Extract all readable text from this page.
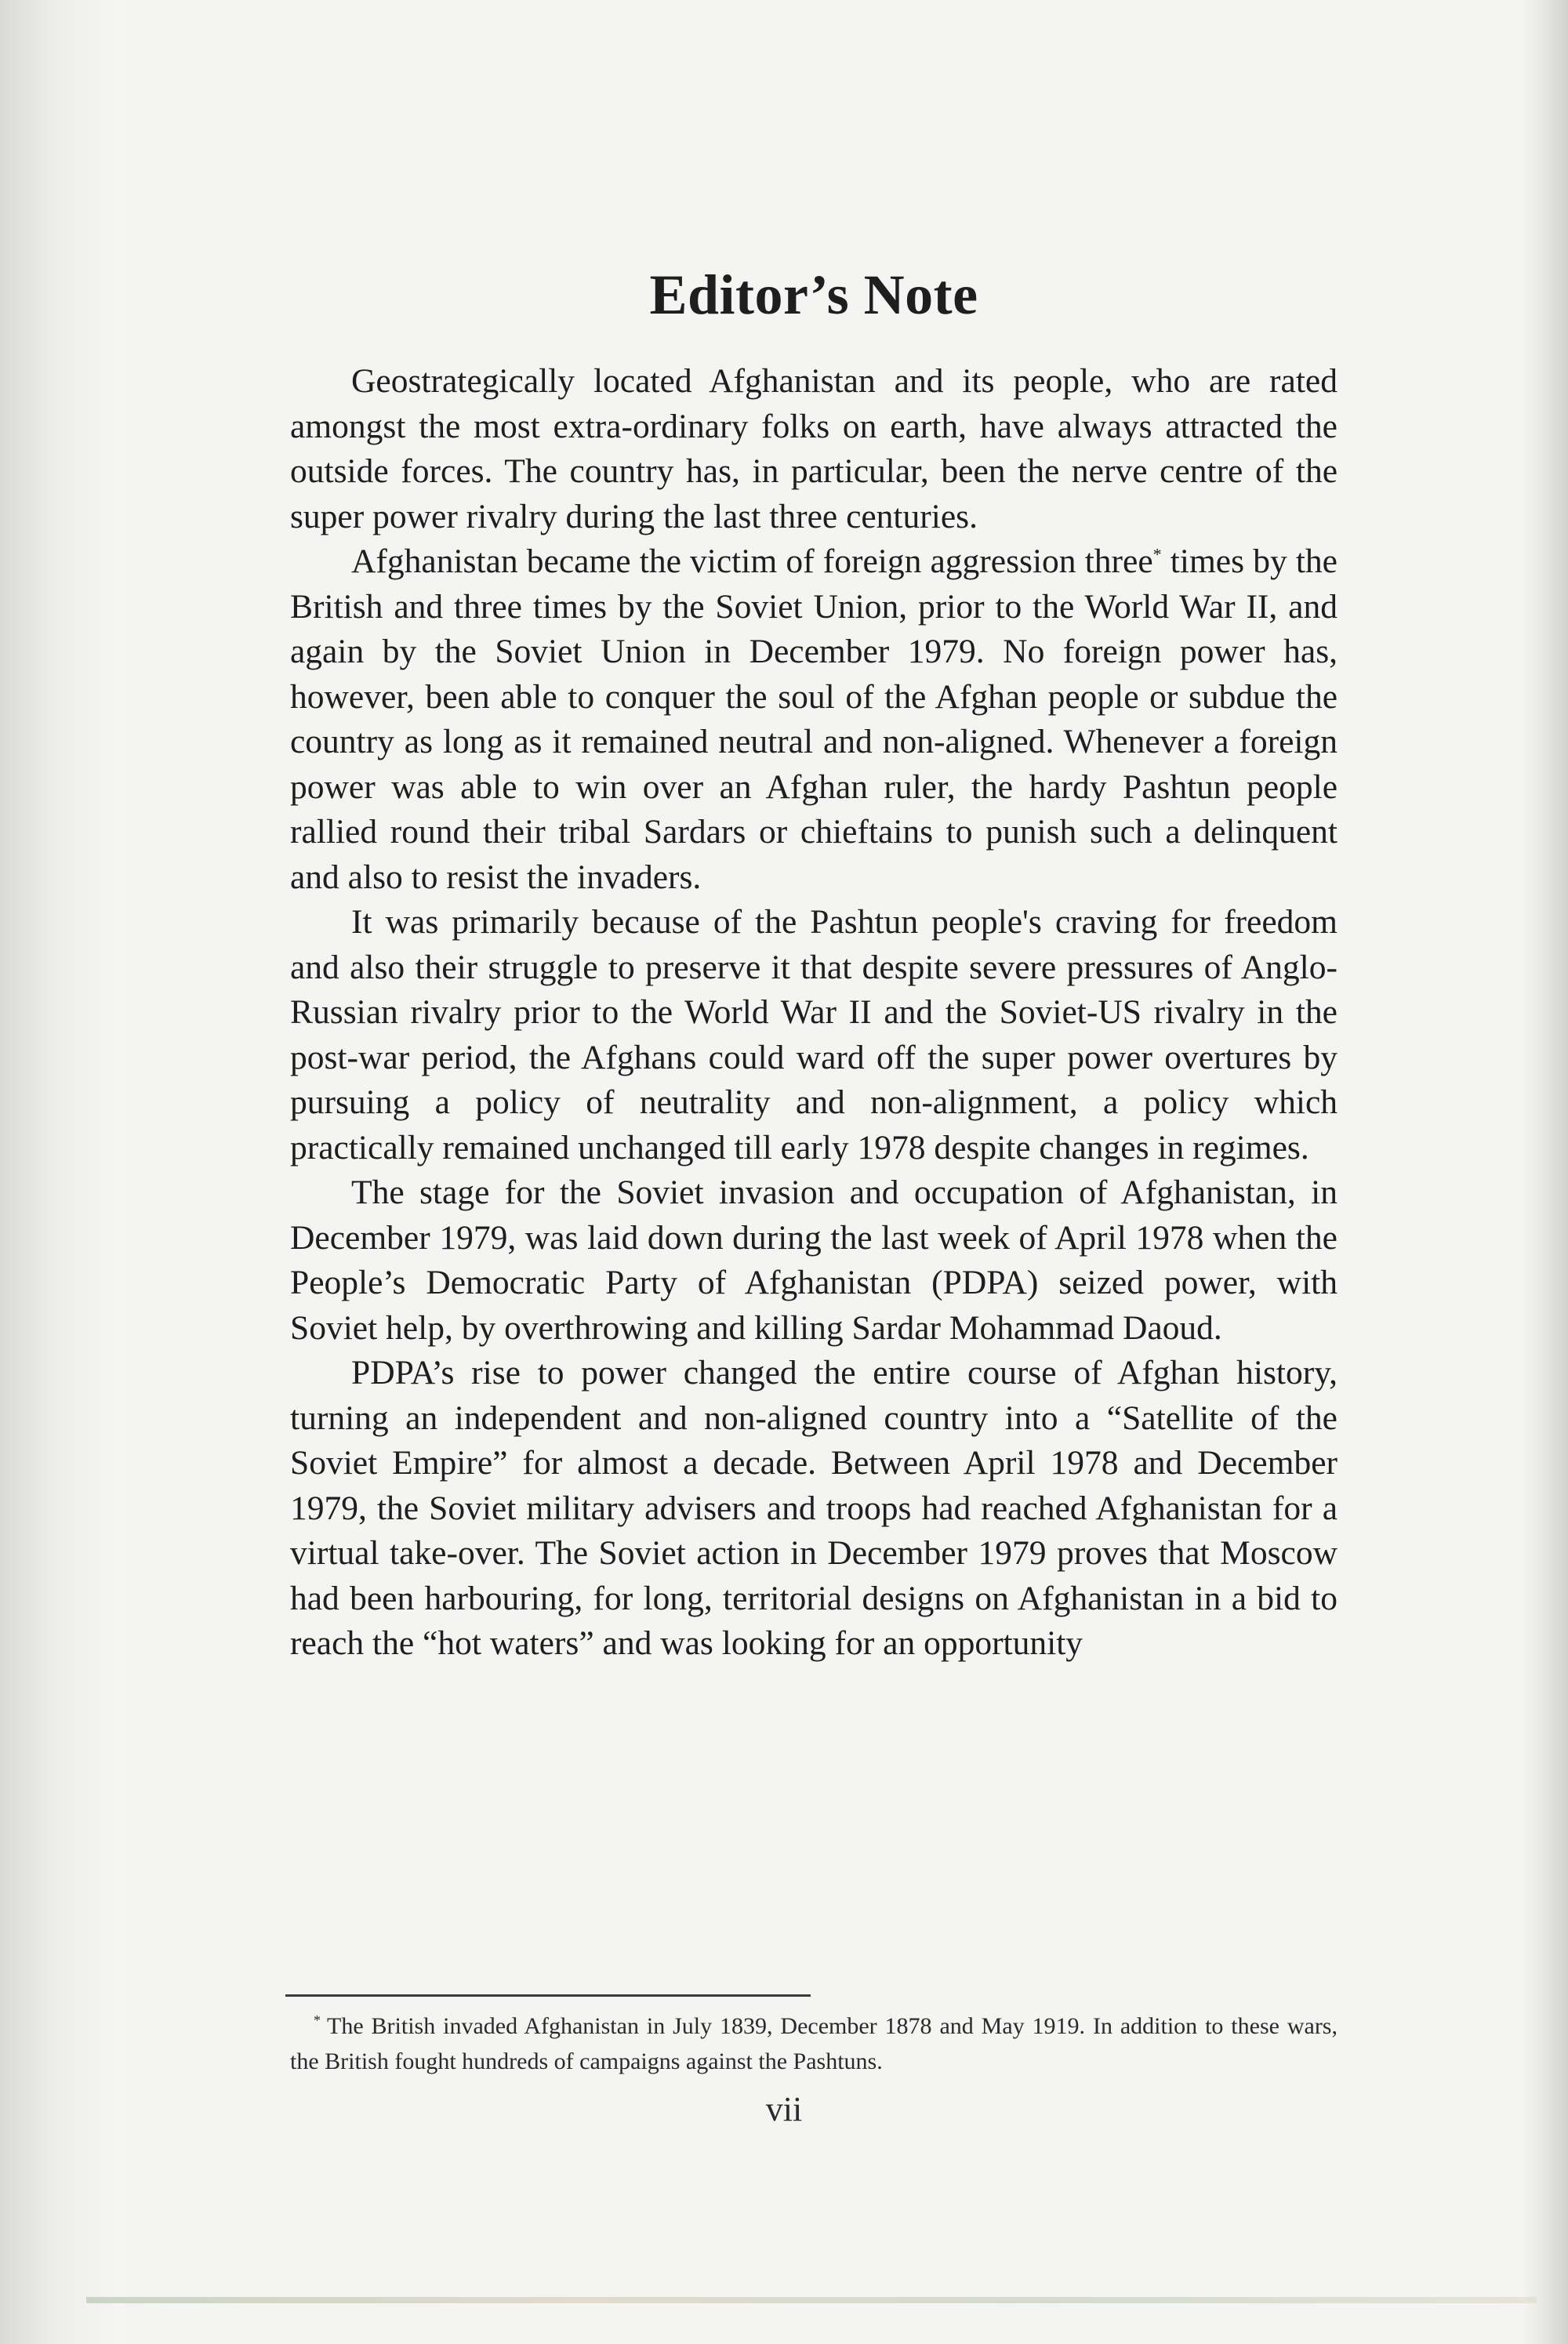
Editor’s Note

Geostrategically located Afghanistan and its people, who are rated amongst the most extra-ordinary folks on earth, have always attracted the outside forces. The country has, in particular, been the nerve centre of the super power rivalry during the last three centuries.

Afghanistan became the victim of foreign aggression three* times by the British and three times by the Soviet Union, prior to the World War II, and again by the Soviet Union in December 1979. No foreign power has, however, been able to conquer the soul of the Afghan people or subdue the country as long as it remained neutral and non-aligned. Whenever a foreign power was able to win over an Afghan ruler, the hardy Pashtun people rallied round their tribal Sardars or chieftains to punish such a delinquent and also to resist the invaders.

It was primarily because of the Pashtun people's craving for freedom and also their struggle to preserve it that despite severe pressures of Anglo-Russian rivalry prior to the World War II and the Soviet-US rivalry in the post-war period, the Afghans could ward off the super power overtures by pursuing a policy of neutrality and non-alignment, a policy which practically remained unchanged till early 1978 despite changes in regimes.

The stage for the Soviet invasion and occupation of Afghanistan, in December 1979, was laid down during the last week of April 1978 when the People’s Democratic Party of Afghanistan (PDPA) seized power, with Soviet help, by overthrowing and killing Sardar Mohammad Daoud.

PDPA’s rise to power changed the entire course of Afghan history, turning an independent and non-aligned country into a “Satellite of the Soviet Empire” for almost a decade. Between April 1978 and December 1979, the Soviet military advisers and troops had reached Afghanistan for a virtual take-over. The Soviet action in December 1979 proves that Moscow had been harbouring, for long, territorial designs on Afghanistan in a bid to reach the “hot waters” and was looking for an opportunity

* The British invaded Afghanistan in July 1839, December 1878 and May 1919. In addition to these wars, the British fought hundreds of campaigns against the Pashtuns.
vii
